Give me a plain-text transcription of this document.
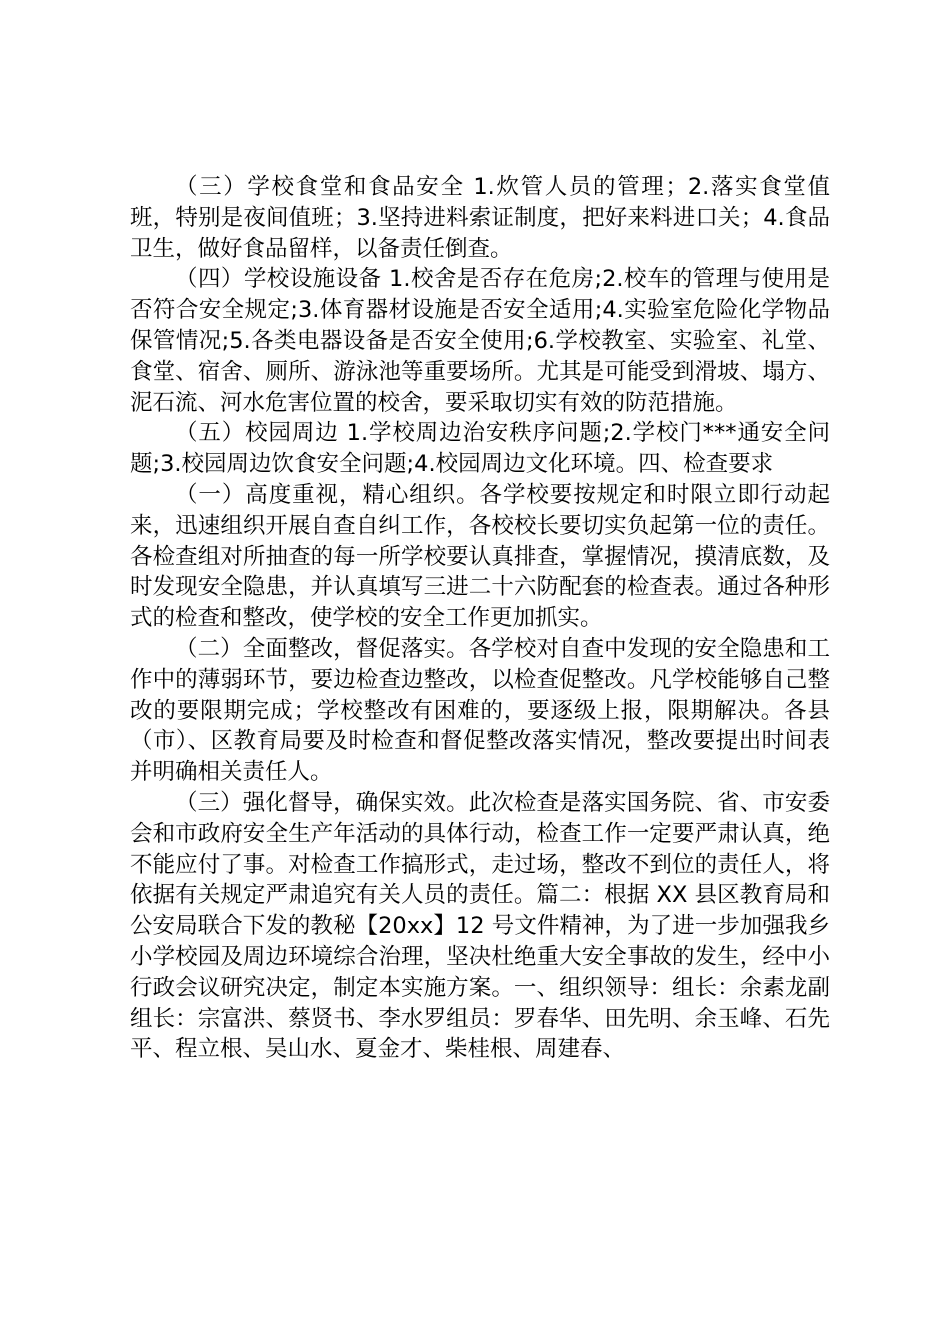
（三）学校食堂和食品安全 1.炊管人员的管理；2.落实食堂值班，特别是夜间值班；3.坚持进料索证制度，把好来料进口关；4.食品卫生，做好食品留样，以备责任倒查。

（四）学校设施设备 1.校舍是否存在危房;2.校车的管理与使用是否符合安全规定;3.体育器材设施是否安全适用;4.实验室危险化学物品保管情况;5.各类电器设备是否安全使用;6.学校教室、实验室、礼堂、食堂、宿舍、厕所、游泳池等重要场所。尤其是可能受到滑坡、塌方、泥石流、河水危害位置的校舍，要采取切实有效的防范措施。

（五）校园周边 1.学校周边治安秩序问题;2.学校门***通安全问题;3.校园周边饮食安全问题;4.校园周边文化环境。四、检查要求

（一）高度重视，精心组织。各学校要按规定和时限立即行动起来，迅速组织开展自查自纠工作，各校校长要切实负起第一位的责任。各检查组对所抽查的每一所学校要认真排查，掌握情况，摸清底数，及时发现安全隐患，并认真填写三进二十六防配套的检查表。通过各种形式的检查和整改，使学校的安全工作更加抓实。

（二）全面整改，督促落实。各学校对自查中发现的安全隐患和工作中的薄弱环节，要边检查边整改，以检查促整改。凡学校能够自己整改的要限期完成；学校整改有困难的，要逐级上报，限期解决。各县（市）、区教育局要及时检查和督促整改落实情况，整改要提出时间表并明确相关责任人。

（三）强化督导，确保实效。此次检查是落实国务院、省、市安委会和市政府安全生产年活动的具体行动，检查工作一定要严肃认真，绝不能应付了事。对检查工作搞形式，走过场，整改不到位的责任人，将依据有关规定严肃追究有关人员的责任。篇二：根据 XX 县区教育局和公安局联合下发的教秘【20xx】12 号文件精神，为了进一步加强我乡小学校园及周边环境综合治理，坚决杜绝重大安全事故的发生，经中小行政会议研究决定，制定本实施方案。一、组织领导：组长：余素龙副组长：宗富洪、蔡贤书、李水罗组员：罗春华、田先明、余玉峰、石先平、程立根、吴山水、夏金才、柴桂根、周建春、
